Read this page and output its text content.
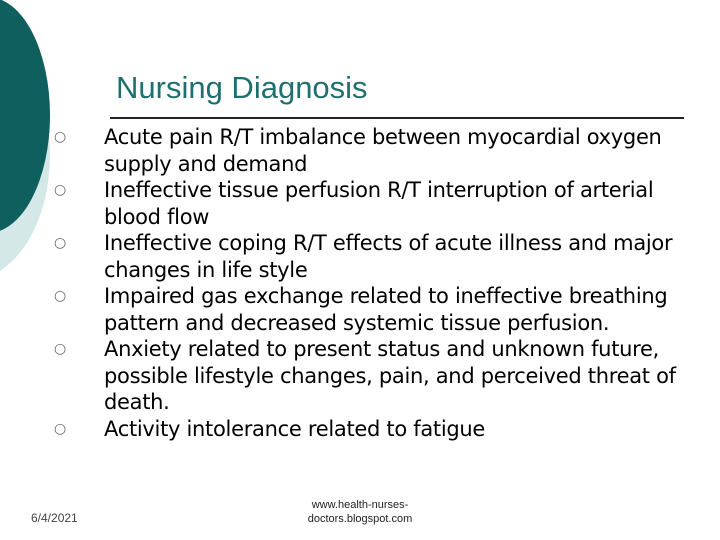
Nursing Diagnosis
○ Acute pain R/T imbalance between myocardial oxygen supply and demand
○ Ineffective tissue perfusion R/T interruption of arterial blood flow
○ Ineffective coping R/T effects of acute illness and major changes in life style
○ Impaired gas exchange related to ineffective breathing pattern and decreased systemic tissue perfusion.
○ Anxiety related to present status and unknown future, possible lifestyle changes, pain, and perceived threat of death.
○ Activity intolerance related to fatigue
6/4/2021
www.health-nurses-doctors.blogspot.com
